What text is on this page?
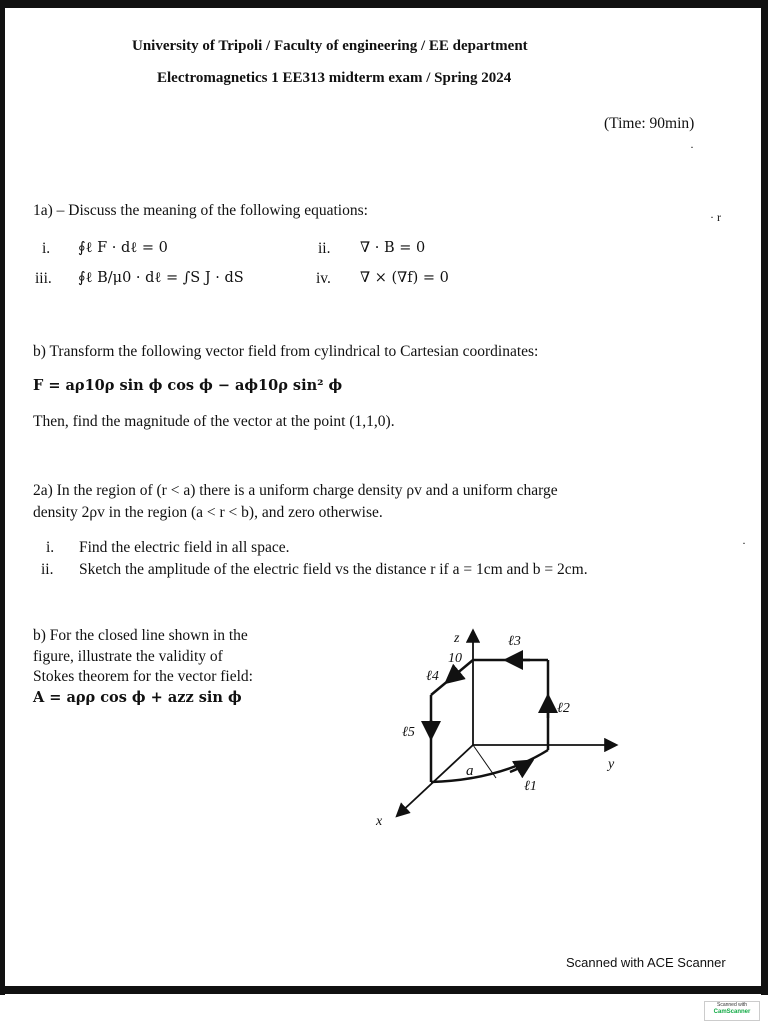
University of Tripoli / Faculty of engineering / EE department
Electromagnetics 1 EE313 midterm exam / Spring 2024
(Time: 90min)
·
· r
1a) – Discuss the meaning of the following equations:
i. ∮ℓ F · dℓ = 0	ii. ∇ · B = 0
iii. ∮ℓ B/μ0 · dℓ = ∫S J · dS	iv. ∇ × (∇f) = 0
b) Transform the following vector field from cylindrical to Cartesian coordinates:
F = aρ10ρ sin ϕ cos ϕ − aϕ10ρ sin² ϕ
Then, find the magnitude of the vector at the point (1,1,0).
2a) In the region of (r < a) there is a uniform charge density ρv and a uniform charge
density 2ρv in the region (a < r < b), and zero otherwise.
i. Find the electric field in all space.
ii. Sketch the amplitude of the electric field vs the distance r if a = 1cm and b = 2cm.
·
b) For the closed line shown in the
figure, illustrate the validity of
Stokes theorem for the vector field:
A = aρρ cos ϕ + azz sin ϕ
z
10
ℓ3
ℓ4
ℓ2
ℓ5
a
ℓ1
y
x
Scanned with ACE Scanner
Scanned with
CamScanner
